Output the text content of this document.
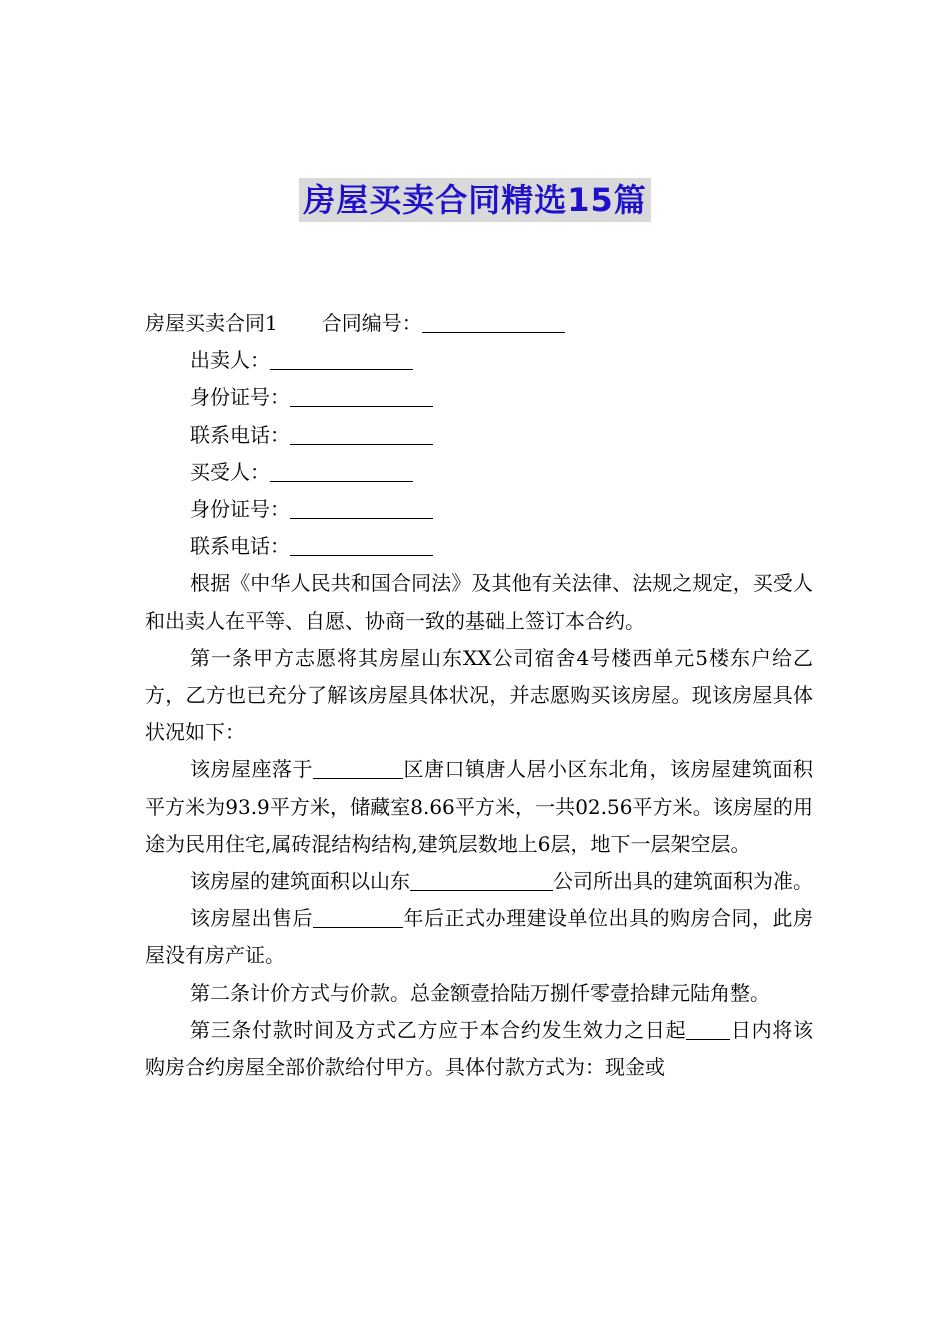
房屋买卖合同精选15篇
房屋买卖合同1 合同编号：
出卖人：
身份证号：
联系电话：
买受人：
身份证号：
联系电话：
根据《中华人民共和国合同法》及其他有关法律、法规之规定，买受人和出卖人在平等、自愿、协商一致的基础上签订本合约。
第一条甲方志愿将其房屋山东XX公司宿舍4号楼西单元5楼东户给乙方，乙方也已充分了解该房屋具体状况，并志愿购买该房屋。现该房屋具体状况如下：
该房屋座落于	区唐口镇唐人居小区东北角，该房屋建筑面积平方米为93.9平方米，储藏室8.66平方米，一共02.56平方米。该房屋的用途为民用住宅,属砖混结构结构,建筑层数地上6层，地下一层架空层。
该房屋的建筑面积以山东	公司所出具的建筑面积为准。
该房屋出售后	年后正式办理建设单位出具的购房合同，此房屋没有房产证。
第二条计价方式与价款。总金额壹拾陆万捌仟零壹拾肆元陆角整。
第三条付款时间及方式乙方应于本合约发生效力之日起 日内将该购房合约房屋全部价款给付甲方。具体付款方式为：现金或
